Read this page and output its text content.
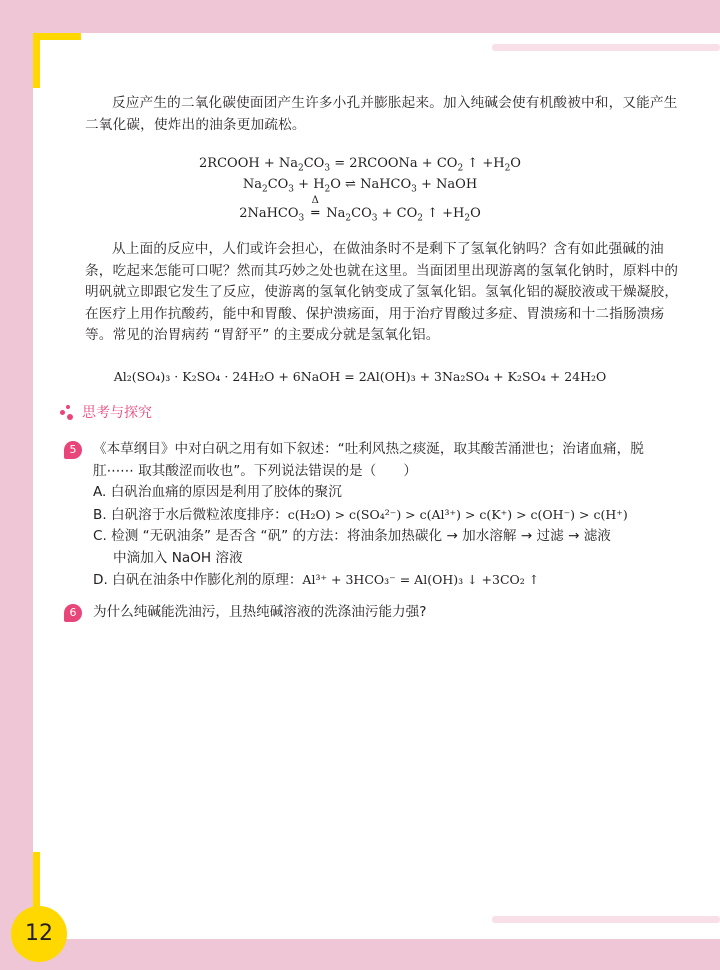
反应产生的二氧化碳使面团产生许多小孔并膨胀起来。加入纯碱会使有机酸被中和，又能产生二氧化碳，使炸出的油条更加疏松。

2RCOOH + $Na_2CO_3$ = 2RCOONa + $CO_2$ ↑ $+H_2O$
$Na_2CO_3 + H_2O$ ⇌ NaHCO$_3$ + NaOH
2NaHCO$_3$
Δ
═ $Na_2CO_3 + CO_2$ ↑ $+H_2O$

从上面的反应中，人们或许会担心，在做油条时不是剩下了氢氧化钠吗？含有如此强碱的油条，吃起来怎能可口呢？然而其巧妙之处也就在这里。当面团里出现游离的氢氧化钠时，原料中的明矾就立即跟它发生了反应，使游离的氢氧化钠变成了氢氧化铝。氢氧化铝的凝胶液或干燥凝胶，在医疗上用作抗酸药，能中和胃酸、保护溃疡面，用于治疗胃酸过多症、胃溃疡和十二指肠溃疡等。常见的治胃病药 “胃舒平” 的主要成分就是氢氧化铝。

Al₂(SO₄)₃ · K₂SO₄ · 24H₂O + 6NaOH = 2Al(OH)₃ + 3Na₂SO₄ + K₂SO₄ + 24H₂O
思考与探究
5	《本草纲目》中对白矾之用有如下叙述：“吐利风热之痰涎，取其酸苦涌泄也；治诸血痛，脱

肛⋯⋯ 取其酸涩而收也”。下列说法错误的是（　　）

A. 白矾治血痛的原因是利用了胶体的聚沉

B. 白矾溶于水后微粒浓度排序：c(H₂O) > c(SO₄²⁻) > c(Al³⁺) > c(K⁺) > c(OH⁻) > c(H⁺)

C. 检测 “无矾油条” 是否含 “矾” 的方法：将油条加热碳化 → 加水溶解 → 过滤 → 滤液

中滴加入 NaOH 溶液

D. 白矾在油条中作膨化剂的原理：Al³⁺ + 3HCO₃⁻ = Al(OH)₃ ↓ +3CO₂ ↑

6	为什么纯碱能洗油污，且热纯碱溶液的洗涤油污能力强?

12
